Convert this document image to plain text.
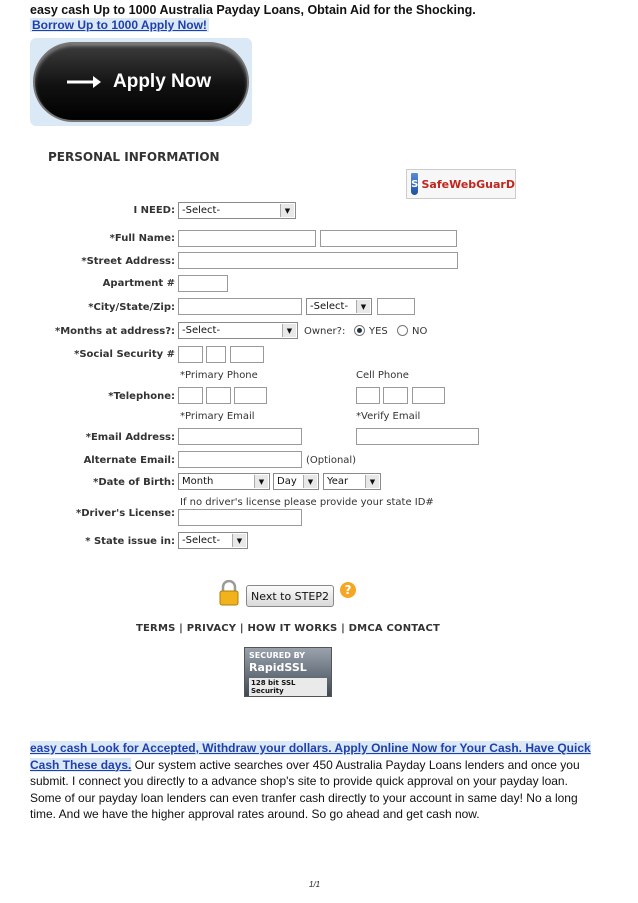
easy cash Up to 1000 Australia Payday Loans, Obtain Aid for the Shocking.
Borrow Up to 1000 Apply Now!
Apply Now
PERSONAL INFORMATION
S SafeWebGuarD
I NEED: -Select-	▼
*Full Name:
*Street Address:
Apartment #
*City/State/Zip:	-Select-	▼
*Months at address?: -Select-	▼	Owner?: YES NO
*Social Security #
*Primary Phone	Cell Phone
*Telephone:
*Primary Email	*Verify Email
*Email Address:
Alternate Email:	(Optional)
*Date of Birth: Month	▼	Day	▼	Year	▼
If no driver's license please provide your state ID#
*Driver's License:
* State issue in: -Select-	▼
Next to STEP2	?
TERMS | PRIVACY | HOW IT WORKS | DMCA CONTACT
SECURED BY
RapidSSL
128 bit SSL Security
easy cash Look for Accepted, Withdraw your dollars. Apply Online Now for Your Cash. Have Quick Cash These days. Our system active searches over 450 Australia Payday Loans lenders and once you submit. I connect you directly to a advance shop's site to provide quick approval on your payday loan. Some of our payday loan lenders can even tranfer cash directly to your account in same day! No a long time. And we have the higher approval rates around. So go ahead and get cash now.
1/1
